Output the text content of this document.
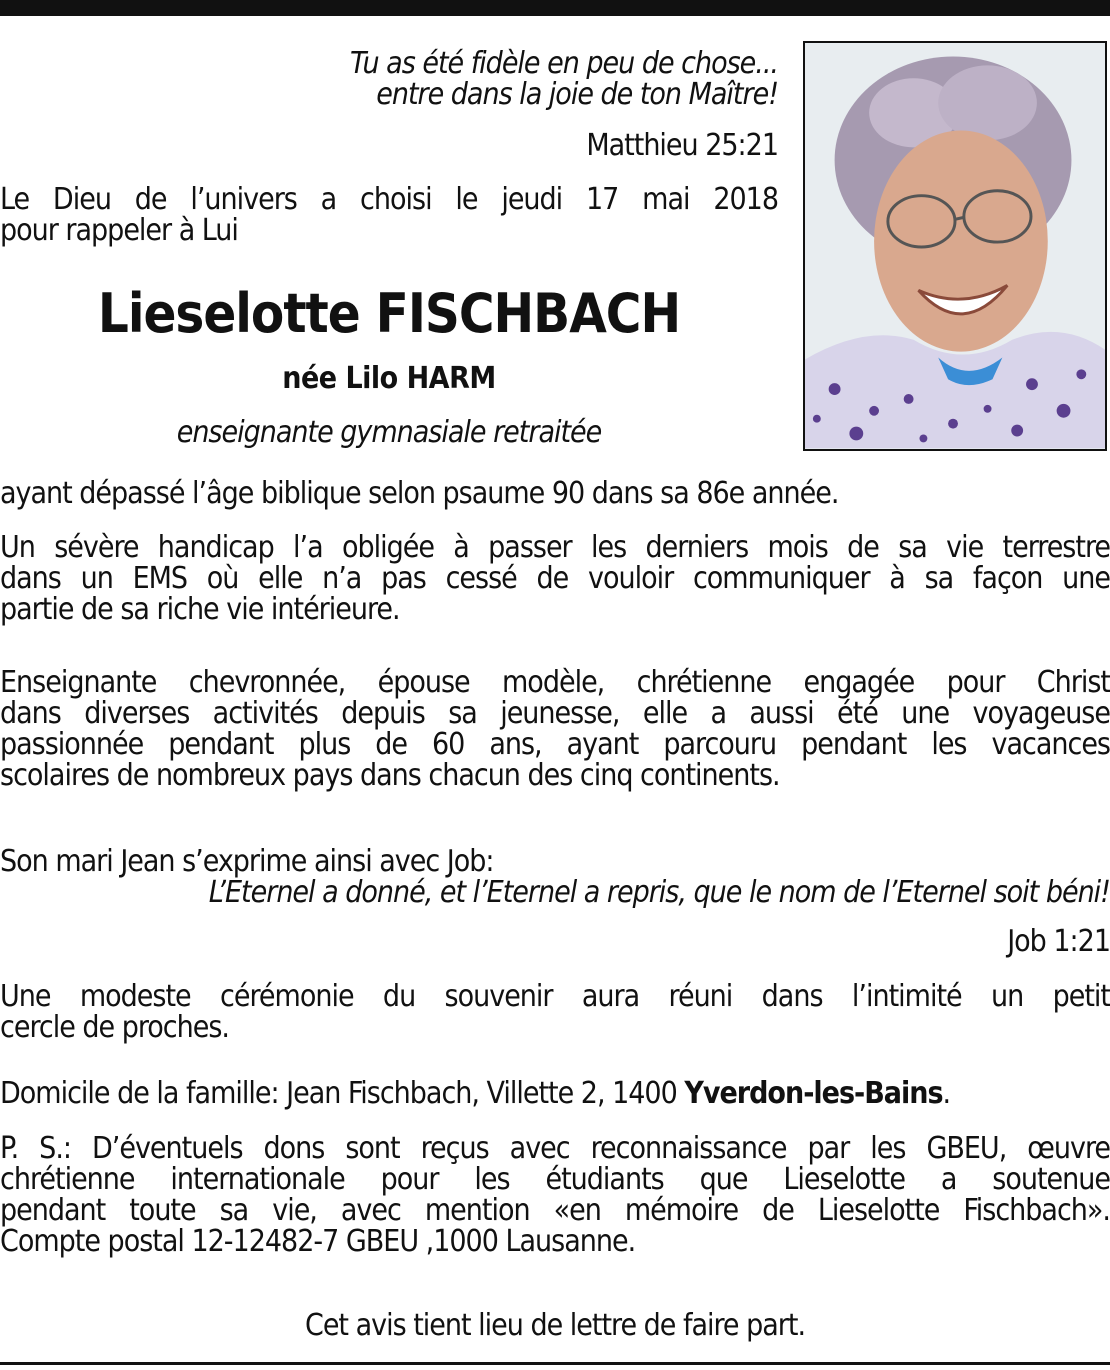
Tu as été fidèle en peu de chose...
entre dans la joie de ton Maître!
Matthieu 25:21
Le Dieu de l’univers a choisi le jeudi 17 mai 2018
pour rappeler à Lui
Lieselotte FISCHBACH
née Lilo HARM
enseignante gymnasiale retraitée
ayant dépassé l’âge biblique selon psaume 90 dans sa 86e année.
Un sévère handicap l’a obligée à passer les derniers mois de sa vie terrestre
dans un EMS où elle n’a pas cessé de vouloir communiquer à sa façon une
partie de sa riche vie intérieure.
Enseignante chevronnée, épouse modèle, chrétienne engagée pour Christ
dans diverses activités depuis sa jeunesse, elle a aussi été une voyageuse
passionnée pendant plus de 60 ans, ayant parcouru pendant les vacances
scolaires de nombreux pays dans chacun des cinq continents.
Son mari Jean s’exprime ainsi avec Job:
L’Eternel a donné, et l’Eternel a repris, que le nom de l’Eternel soit béni!
Job 1:21
Une modeste cérémonie du souvenir aura réuni dans l’intimité un petit
cercle de proches.
Domicile de la famille: Jean Fischbach, Villette 2, 1400 Yverdon-les-Bains.
P. S.: D’éventuels dons sont reçus avec reconnaissance par les GBEU, œuvre
chrétienne internationale pour les étudiants que Lieselotte a soutenue
pendant toute sa vie, avec mention «en mémoire de Lieselotte Fischbach».
Compte postal 12-12482-7 GBEU ,1000 Lausanne.
Cet avis tient lieu de lettre de faire part.
